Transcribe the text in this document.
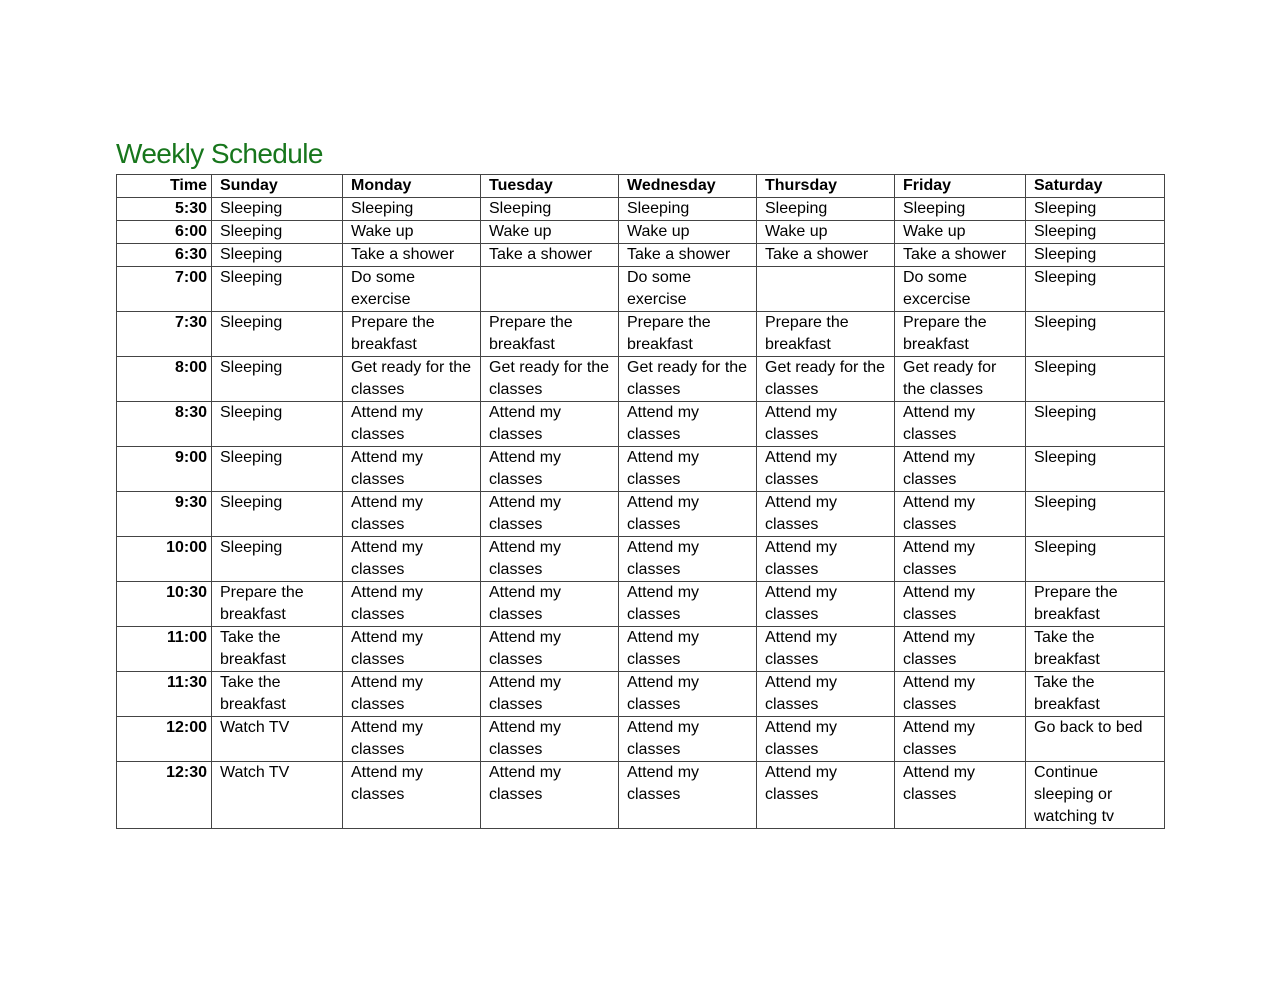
Weekly Schedule
Time	Sunday	Monday	Tuesday	Wednesday	Thursday	Friday	Saturday
5:30	Sleeping	Sleeping	Sleeping	Sleeping	Sleeping	Sleeping	Sleeping
6:00	Sleeping	Wake up	Wake up	Wake up	Wake up	Wake up	Sleeping
6:30	Sleeping	Take a shower	Take a shower	Take a shower	Take a shower	Take a shower	Sleeping
7:00	Sleeping	Do some exercise		Do some exercise		Do some excercise	Sleeping
7:30	Sleeping	Prepare the breakfast	Prepare the breakfast	Prepare the breakfast	Prepare the breakfast	Prepare the breakfast	Sleeping
8:00	Sleeping	Get ready for the classes	Get ready for the classes	Get ready for the classes	Get ready for the classes	Get ready for the classes	Sleeping
8:30	Sleeping	Attend my classes	Attend my classes	Attend my classes	Attend my classes	Attend my classes	Sleeping
9:00	Sleeping	Attend my classes	Attend my classes	Attend my classes	Attend my classes	Attend my classes	Sleeping
9:30	Sleeping	Attend my classes	Attend my classes	Attend my classes	Attend my classes	Attend my classes	Sleeping
10:00	Sleeping	Attend my classes	Attend my classes	Attend my classes	Attend my classes	Attend my classes	Sleeping
10:30	Prepare the breakfast	Attend my classes	Attend my classes	Attend my classes	Attend my classes	Attend my classes	Prepare the breakfast
11:00	Take the breakfast	Attend my classes	Attend my classes	Attend my classes	Attend my classes	Attend my classes	Take the breakfast
11:30	Take the breakfast	Attend my classes	Attend my classes	Attend my classes	Attend my classes	Attend my classes	Take the breakfast
12:00	Watch TV	Attend my classes	Attend my classes	Attend my classes	Attend my classes	Attend my classes	Go back to bed
12:30	Watch TV	Attend my classes	Attend my classes	Attend my classes	Attend my classes	Attend my classes	Continue sleeping or watching tv
